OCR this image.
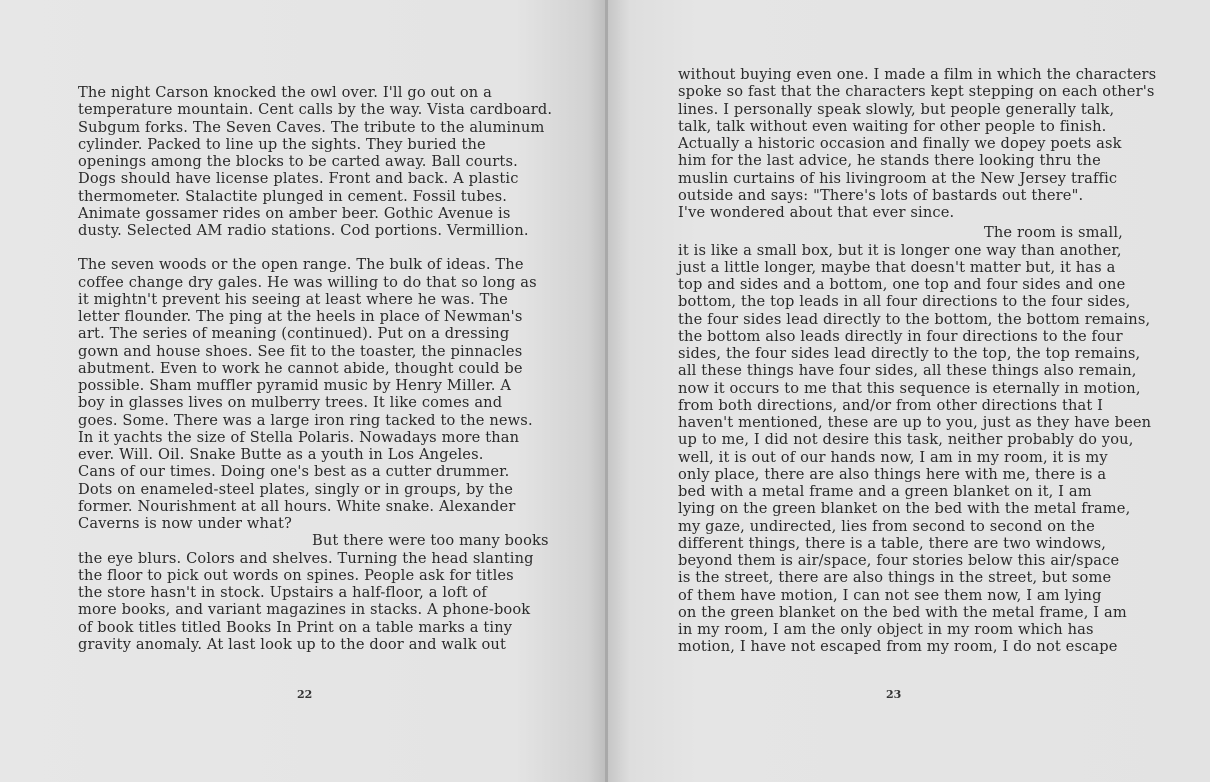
The night Carson knocked the owl over. I'll go out on a
temperature mountain. Cent calls by the way. Vista cardboard.
Subgum forks. The Seven Caves. The tribute to the aluminum
cylinder. Packed to line up the sights. They buried the
openings among the blocks to be carted away. Ball courts.
Dogs should have license plates. Front and back. A plastic
thermometer. Stalactite plunged in cement. Fossil tubes.
Animate gossamer rides on amber beer. Gothic Avenue is
dusty. Selected AM radio stations. Cod portions. Vermillion.

The seven woods or the open range. The bulk of ideas. The
coffee change dry gales. He was willing to do that so long as
it mightn't prevent his seeing at least where he was. The
letter flounder. The ping at the heels in place of Newman's
art. The series of meaning (continued). Put on a dressing
gown and house shoes. See fit to the toaster, the pinnacles
abutment. Even to work he cannot abide, thought could be
possible. Sham muffler pyramid music by Henry Miller. A
boy in glasses lives on mulberry trees. It like comes and
goes. Some. There was a large iron ring tacked to the news.
In it yachts the size of Stella Polaris. Nowadays more than
ever. Will. Oil. Snake Butte as a youth in Los Angeles.
Cans of our times. Doing one's best as a cutter drummer.
Dots on enameled-steel plates, singly or in groups, by the
former. Nourishment at all hours. White snake. Alexander
Caverns is now under what?

But there were too many books
the eye blurs. Colors and shelves. Turning the head slanting
the floor to pick out words on spines. People ask for titles
the store hasn't in stock. Upstairs a half-floor, a loft of
more books, and variant magazines in stacks. A phone-book
of book titles titled Books In Print on a table marks a tiny
gravity anomaly. At last look up to the door and walk out

22

without buying even one. I made a film in which the characters
spoke so fast that the characters kept stepping on each other's
lines. I personally speak slowly, but people generally talk,
talk, talk without even waiting for other people to finish.
Actually a historic occasion and finally we dopey poets ask
him for the last advice, he stands there looking thru the
muslin curtains of his livingroom at the New Jersey traffic
outside and says: "There's lots of bastards out there".
I've wondered about that ever since.

The room is small,
it is like a small box, but it is longer one way than another,
just a little longer, maybe that doesn't matter but, it has a
top and sides and a bottom, one top and four sides and one
bottom, the top leads in all four directions to the four sides,
the four sides lead directly to the bottom, the bottom remains,
the bottom also leads directly in four directions to the four
sides, the four sides lead directly to the top, the top remains,
all these things have four sides, all these things also remain,
now it occurs to me that this sequence is eternally in motion,
from both directions, and/or from other directions that I
haven't mentioned, these are up to you, just as they have been
up to me, I did not desire this task, neither probably do you,
well, it is out of our hands now, I am in my room, it is my
only place, there are also things here with me, there is a
bed with a metal frame and a green blanket on it, I am
lying on the green blanket on the bed with the metal frame,
my gaze, undirected, lies from second to second on the
different things, there is a table, there are two windows,
beyond them is air/space, four stories below this air/space
is the street, there are also things in the street, but some
of them have motion, I can not see them now, I am lying
on the green blanket on the bed with the metal frame, I am
in my room, I am the only object in my room which has
motion, I have not escaped from my room, I do not escape

23
